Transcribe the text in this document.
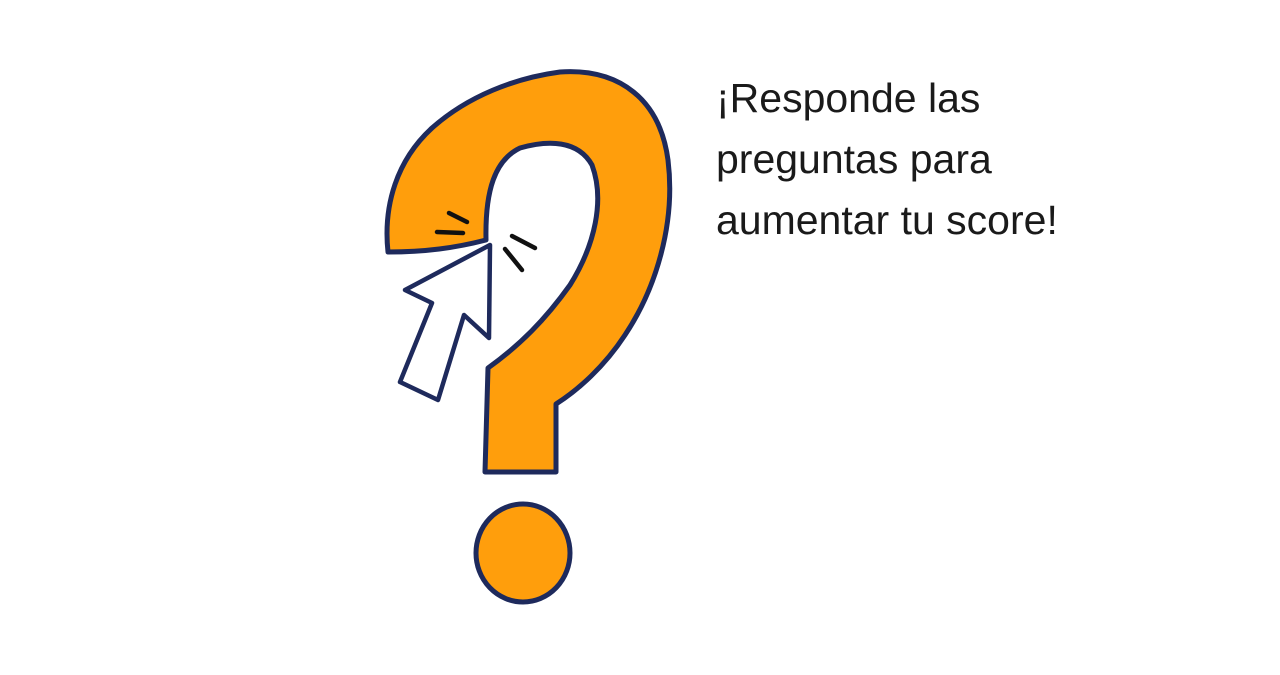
¡Responde las
preguntas para
aumentar tu score!
